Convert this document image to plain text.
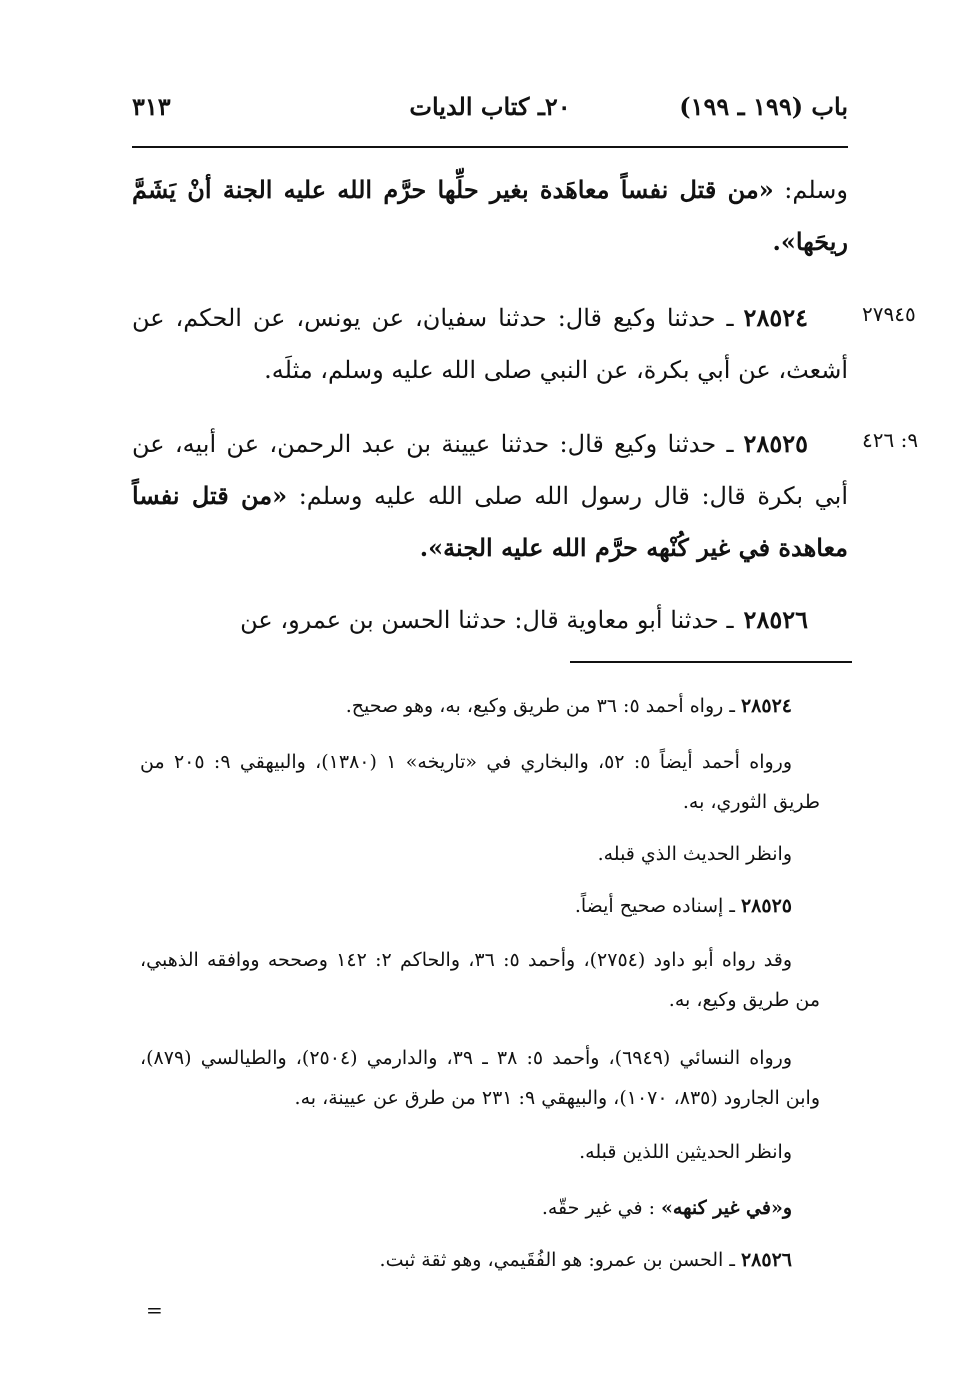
باب (١٩٩ ـ ١٩٩)
٢٠ـ كتاب الديات
٣١٣
وسلم: «من قتل نفساً معاهَدة بغير حلِّها حرَّم الله عليه الجنة أنْ يَشَمَّ ريحَها».
٢٧٩٤٥
٢٨٥٢٤ـ حدثنا وكيع قال: حدثنا سفيان، عن يونس، عن الحكم، عن أشعث، عن أبي بكرة، عن النبي صلى الله عليه وسلم، مثلَه.
٩: ٤٢٦
٢٨٥٢٥ـ حدثنا وكيع قال: حدثنا عيينة بن عبد الرحمن، عن أبيه، عن أبي بكرة قال: قال رسول الله صلى الله عليه وسلم: «من قتل نفساً معاهدة في غير كُنْهه حرَّم الله عليه الجنة».
٢٨٥٢٦ـ حدثنا أبو معاوية قال: حدثنا الحسن بن عمرو، عن
٢٨٥٢٤ ـ رواه أحمد ٥: ٣٦ من طريق وكيع، به، وهو صحيح.
ورواه أحمد أيضاً ٥: ٥٢، والبخاري في «تاريخه» ١ (١٣٨٠)، والبيهقي ٩: ٢٠٥ من طريق الثوري، به.
وانظر الحديث الذي قبله.
٢٨٥٢٥ ـ إسناده صحيح أيضاً.
وقد رواه أبو داود (٢٧٥٤)، وأحمد ٥: ٣٦، والحاكم ٢: ١٤٢ وصححه ووافقه الذهبي، من طريق وكيع، به.
ورواه النسائي (٦٩٤٩)، وأحمد ٥: ٣٨ ـ ٣٩، والدارمي (٢٥٠٤)، والطيالسي (٨٧٩)، وابن الجارود (٨٣٥، ١٠٧٠)، والبيهقي ٩: ٢٣١ من طرق عن عيينة، به.
وانظر الحديثين اللذين قبله.
و«في غير كنهه» : في غير حقّه.
٢٨٥٢٦ ـ الحسن بن عمرو: هو الفُقَيمي، وهو ثقة ثبت.
=
